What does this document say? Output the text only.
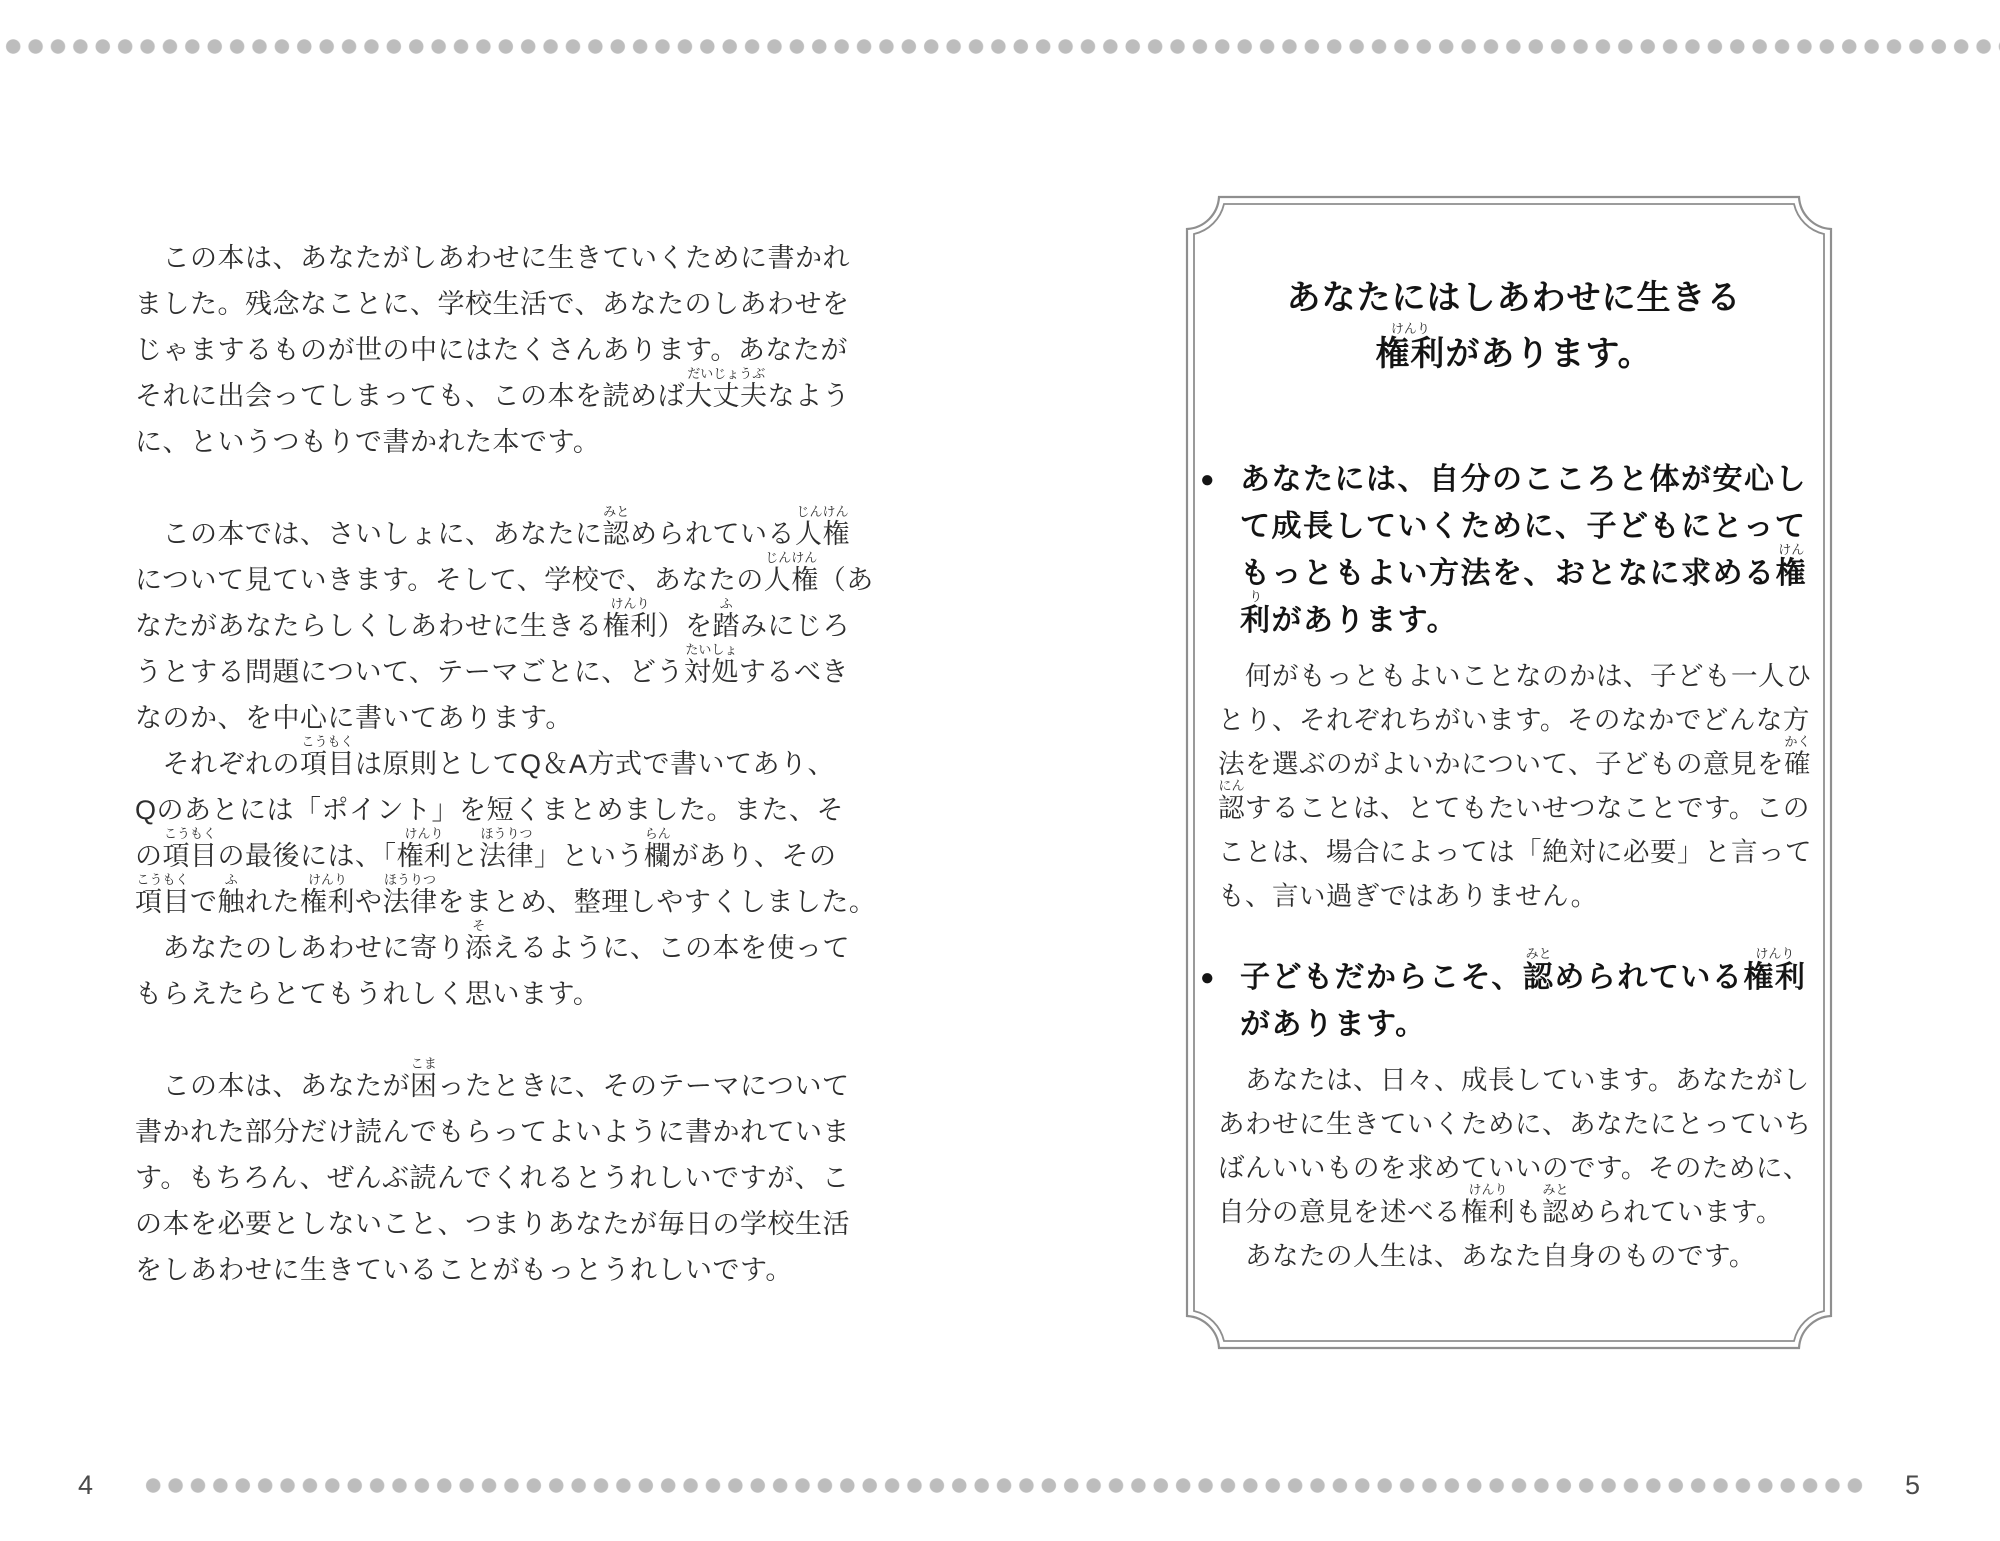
　この本は、あなたがしあわせに生きていくために書かれ
ました。残念なことに、学校生活で、あなたのしあわせを
じゃまするものが世の中にはたくさんあります。あなたが
それに出会ってしまっても、この本を読めば大丈夫
だいじょうぶ
なよう
に、というつもりで書かれた本です。
　この本では、さいしょに、あなたに認
みと
められている人権
じんけん
について見ていきます。そして、学校で、あなたの人権
じんけん
（あ
なたがあなたらしくしあわせに生きる権利
けんり
）を踏
ふ
みにじろ
うとする問題について、テーマごとに、どう対処
たいしょ
するべき
なのか、を中心に書いてあります。
　それぞれの項目
こうもく
は原則としてQ＆A方式で書いてあり、
Qのあとには「ポイント」を短くまとめました。また、そ
の項目
こうもく
の最後には、「権利
けんり
と法律
ほうりつ
」という欄
らん
があり、その
項目
こうもく
で触
ふ
れた権利
けんり
や法律
ほうりつ
をまとめ、整理しやすくしました。
　あなたのしあわせに寄り添
そ
えるように、この本を使って
もらえたらとてもうれしく思います。
　この本は、あなたが困
こま
ったときに、そのテーマについて
書かれた部分だけ読んでもらってよいように書かれていま
す。もちろん、ぜんぶ読んでくれるとうれしいですが、こ
の本を必要としないこと、つまりあなたが毎日の学校生活
をしあわせに生きていることがもっとうれしいです。
あなたにはしあわせに生きる
権利
けんり
があります。
あなたには、自分のこころと体が安心し
●
て成長していくために、子どもにとって
もっともよい方法を、おとなに求める権
けん
利
り
があります。
　何がもっともよいことなのかは、子ども一人ひ
とり、それぞれちがいます。そのなかでどんな方
法を選ぶのがよいかについて、子どもの意見を確
かく
認
にん
することは、とてもたいせつなことです。この
ことは、場合によっては「絶対に必要」と言って
も、言い過ぎではありません。
子どもだからこそ、認
みと
められている権利
けんり
●
があります。
　あなたは、日々、成長しています。あなたがし
あわせに生きていくために、あなたにとっていち
ばんいいものを求めていいのです。そのために、
自分の意見を述べる権利
けんり
も認
みと
められています。
　あなたの人生は、あなた自身のものです。
4	5
